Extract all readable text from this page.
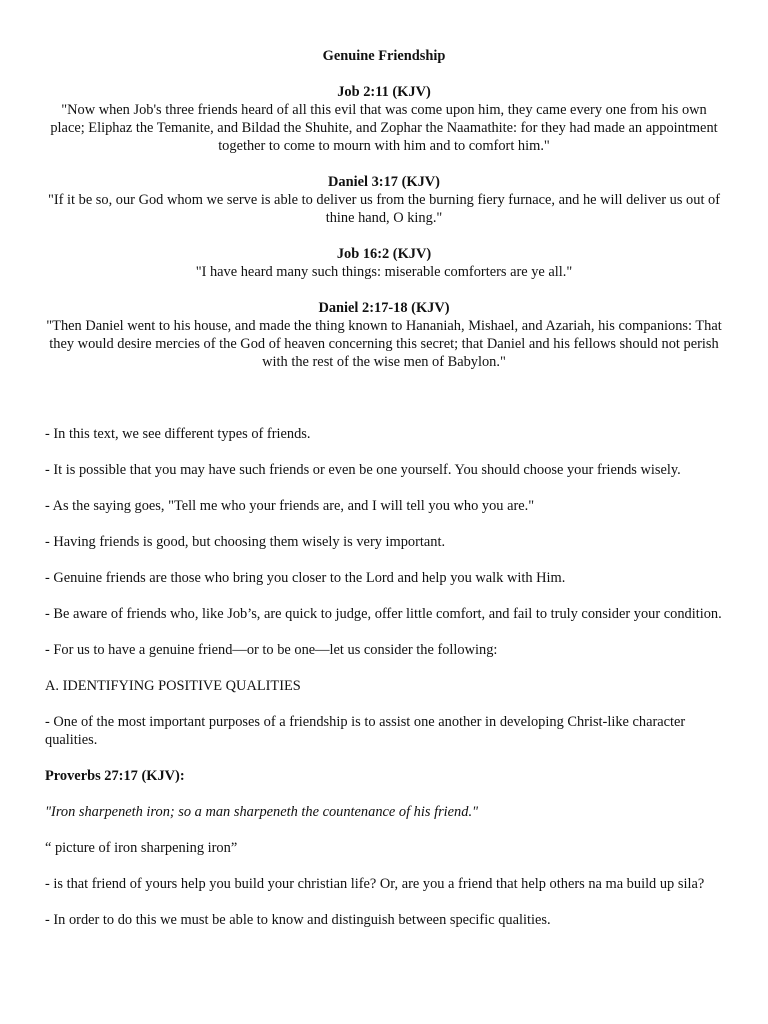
Genuine Friendship
Job 2:11 (KJV)
"Now when Job's three friends heard of all this evil that was come upon him, they came every one from his own place; Eliphaz the Temanite, and Bildad the Shuhite, and Zophar the Naamathite: for they had made an appointment together to come to mourn with him and to comfort him."
Daniel 3:17 (KJV)
"If it be so, our God whom we serve is able to deliver us from the burning fiery furnace, and he will deliver us out of thine hand, O king."
Job 16:2 (KJV)
"I have heard many such things: miserable comforters are ye all."
Daniel 2:17-18 (KJV)
"Then Daniel went to his house, and made the thing known to Hananiah, Mishael, and Azariah, his companions: That they would desire mercies of the God of heaven concerning this secret; that Daniel and his fellows should not perish with the rest of the wise men of Babylon."

- In this text, we see different types of friends.

- It is possible that you may have such friends or even be one yourself. You should choose your friends wisely.

- As the saying goes, "Tell me who your friends are, and I will tell you who you are."

- Having friends is good, but choosing them wisely is very important.

- Genuine friends are those who bring you closer to the Lord and help you walk with Him.

- Be aware of friends who, like Job’s, are quick to judge, offer little comfort, and fail to truly consider your condition.

- For us to have a genuine friend—or to be one—let us consider the following:

A. IDENTIFYING POSITIVE QUALITIES

- One of the most important purposes of a friendship is to assist one another in developing Christ-like character qualities.

Proverbs 27:17 (KJV):

"Iron sharpeneth iron; so a man sharpeneth the countenance of his friend."

“ picture of iron sharpening iron”

- is that friend of yours help you build your christian life? Or, are you a friend that help others na ma build up sila?

- In order to do this we must be able to know and distinguish between specific qualities.
